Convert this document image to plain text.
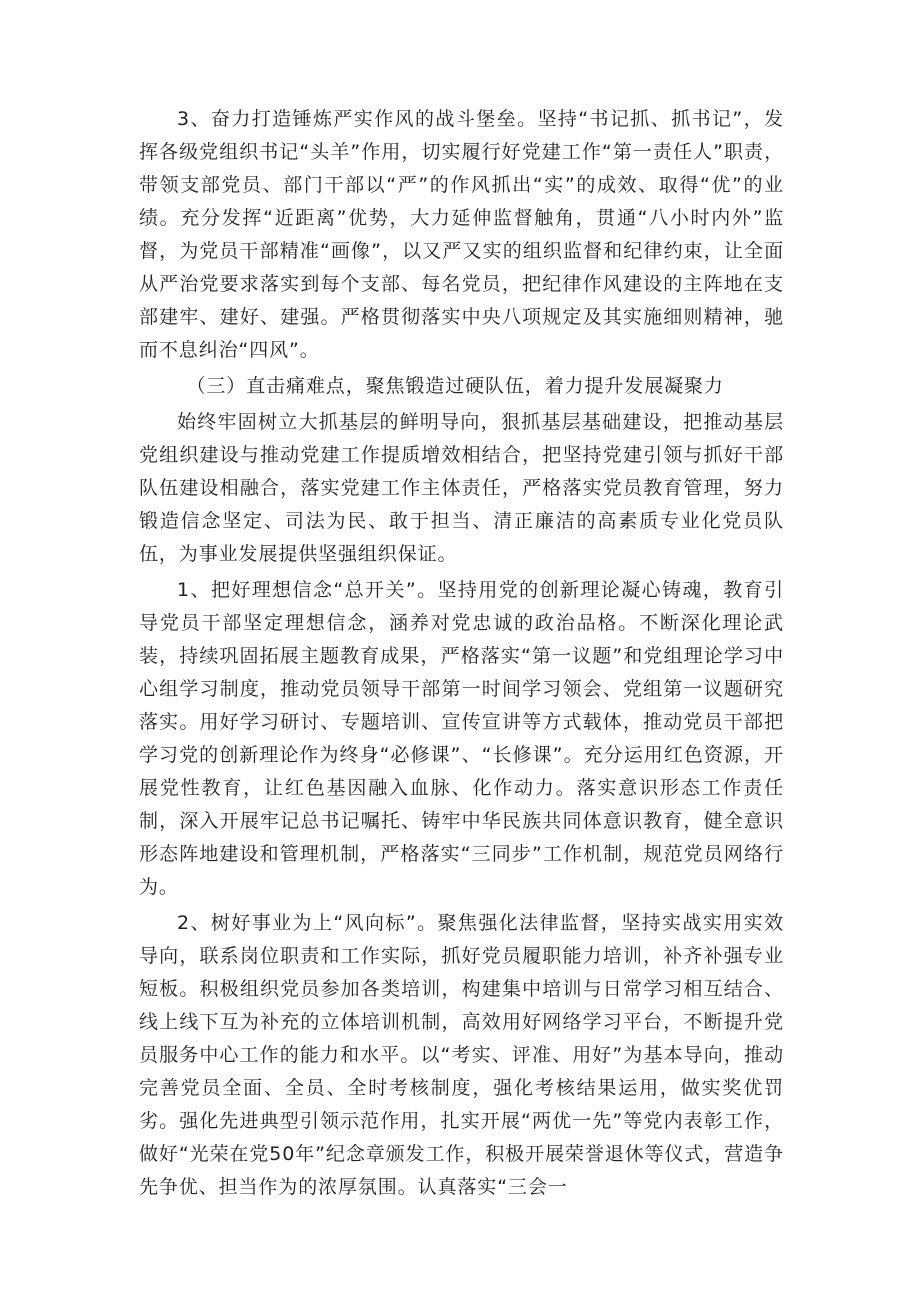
3、奋力打造锤炼严实作风的战斗堡垒。坚持“书记抓、抓书记”，发挥各级党组织书记“头羊”作用，切实履行好党建工作“第一责任人”职责，带领支部党员、部门干部以“严”的作风抓出“实”的成效、取得“优”的业绩。充分发挥“近距离”优势，大力延伸监督触角，贯通“八小时内外”监督，为党员干部精准“画像”，以又严又实的组织监督和纪律约束，让全面从严治党要求落实到每个支部、每名党员，把纪律作风建设的主阵地在支部建牢、建好、建强。严格贯彻落实中央八项规定及其实施细则精神，驰而不息纠治“四风”。

（三）直击痛难点，聚焦锻造过硬队伍，着力提升发展凝聚力

始终牢固树立大抓基层的鲜明导向，狠抓基层基础建设，把推动基层党组织建设与推动党建工作提质增效相结合，把坚持党建引领与抓好干部队伍建设相融合，落实党建工作主体责任，严格落实党员教育管理，努力锻造信念坚定、司法为民、敢于担当、清正廉洁的高素质专业化党员队伍，为事业发展提供坚强组织保证。

1、把好理想信念“总开关”。坚持用党的创新理论凝心铸魂，教育引导党员干部坚定理想信念，涵养对党忠诚的政治品格。不断深化理论武装，持续巩固拓展主题教育成果，严格落实“第一议题”和党组理论学习中心组学习制度，推动党员领导干部第一时间学习领会、党组第一议题研究落实。用好学习研讨、专题培训、宣传宣讲等方式载体，推动党员干部把学习党的创新理论作为终身“必修课”、“长修课”。充分运用红色资源，开展党性教育，让红色基因融入血脉、化作动力。落实意识形态工作责任制，深入开展牢记总书记嘱托、铸牢中华民族共同体意识教育，健全意识形态阵地建设和管理机制，严格落实“三同步”工作机制，规范党员网络行为。

2、树好事业为上“风向标”。聚焦强化法律监督，坚持实战实用实效导向，联系岗位职责和工作实际，抓好党员履职能力培训，补齐补强专业短板。积极组织党员参加各类培训，构建集中培训与日常学习相互结合、线上线下互为补充的立体培训机制，高效用好网络学习平台，不断提升党员服务中心工作的能力和水平。以“考实、评准、用好”为基本导向，推动完善党员全面、全员、全时考核制度，强化考核结果运用，做实奖优罚劣。强化先进典型引领示范作用，扎实开展“两优一先”等党内表彰工作，做好“光荣在党50年”纪念章颁发工作，积极开展荣誉退休等仪式，营造争先争优、担当作为的浓厚氛围。认真落实“三会一
